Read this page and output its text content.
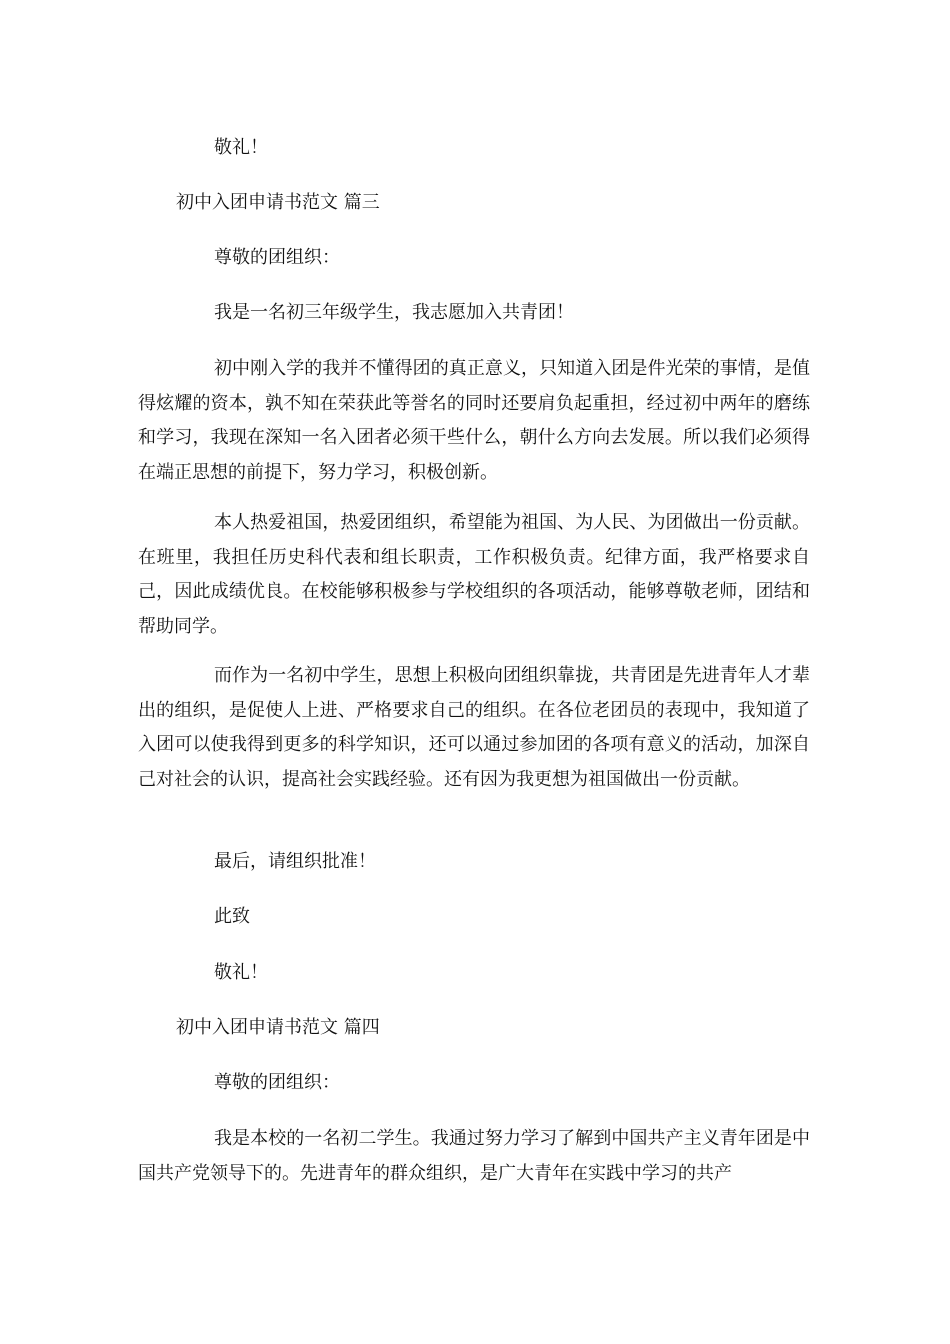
敬礼！

初中入团申请书范文 篇三

尊敬的团组织：

我是一名初三年级学生，我志愿加入共青团！

初中刚入学的我并不懂得团的真正意义，只知道入团是件光荣的事情，是值得炫耀的资本，孰不知在荣获此等誉名的同时还要肩负起重担，经过初中两年的磨练和学习，我现在深知一名入团者必须干些什么，朝什么方向去发展。所以我们必须得在端正思想的前提下，努力学习，积极创新。

本人热爱祖国，热爱团组织，希望能为祖国、为人民、为团做出一份贡献。在班里，我担任历史科代表和组长职责，工作积极负责。纪律方面，我严格要求自己，因此成绩优良。在校能够积极参与学校组织的各项活动，能够尊敬老师，团结和帮助同学。

而作为一名初中学生，思想上积极向团组织靠拢，共青团是先进青年人才辈出的组织，是促使人上进、严格要求自己的组织。在各位老团员的表现中，我知道了入团可以使我得到更多的科学知识，还可以通过参加团的各项有意义的活动，加深自己对社会的认识，提高社会实践经验。还有因为我更想为祖国做出一份贡献。

最后，请组织批准！

此致

敬礼！

初中入团申请书范文 篇四

尊敬的团组织：

我是本校的一名初二学生。我通过努力学习了解到中国共产主义青年团是中国共产党领导下的。先进青年的群众组织，是广大青年在实践中学习的共产
